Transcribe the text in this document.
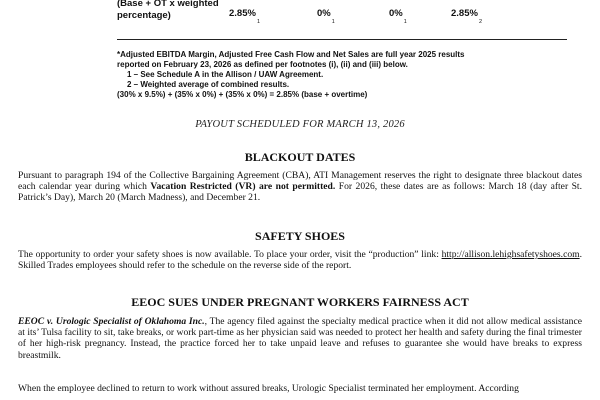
(Base + OT x weighted percentage)	$2.85\%_1$
$0\%_1$
$0\%_1$
$2.85\%_2$
*Adjusted EBITDA Margin, Adjusted Free Cash Flow and Net Sales are full year 2025 results
reported on February 23, 2026 as defined per footnotes (i), (ii) and (iii) below.
1 – See Schedule A in the Allison / UAW Agreement.
2 – Weighted average of combined results.
(30% x 9.5%) + (35% x 0%) + (35% x 0%) = 2.85% (base + overtime)
PAYOUT SCHEDULED FOR MARCH 13, 2026
BLACKOUT DATES
Pursuant to paragraph 194 of the Collective Bargaining Agreement (CBA), ATI Management reserves the right to designate three blackout dates each calendar year during which Vacation Restricted (VR) are not permitted. For 2026, these dates are as follows: March 18 (day after St. Patrick’s Day), March 20 (March Madness), and December 21.
SAFETY SHOES
The opportunity to order your safety shoes is now available. To place your order, visit the “production” link: http://allison.lehighsafetyshoes.com. Skilled Trades employees should refer to the schedule on the reverse side of the report.
EEOC SUES UNDER PREGNANT WORKERS FAIRNESS ACT
EEOC v. Urologic Specialist of Oklahoma Inc., The agency filed against the specialty medical practice when it did not allow medical assistance at its’ Tulsa facility to sit, take breaks, or work part-time as her physician said was needed to protect her health and safety during the final trimester of her high-risk pregnancy. Instead, the practice forced her to take unpaid leave and refuses to guarantee she would have breaks to express breastmilk.
When the employee declined to return to work without assured breaks, Urologic Specialist terminated her employment. According
